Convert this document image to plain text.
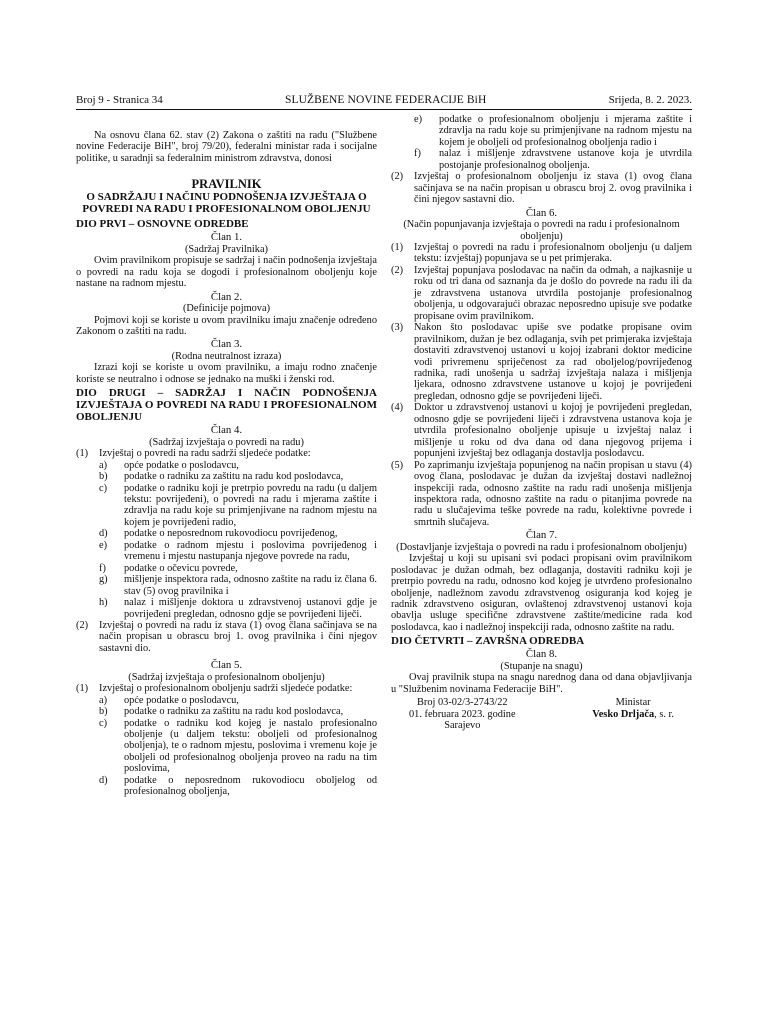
Broj 9 - Stranica 34	SLUŽBENE NOVINE FEDERACIJE BiH	Srijeda, 8. 2. 2023.

Na osnovu člana 62. stav (2) Zakona o zaštiti na radu ("Službene novine Federacije BiH", broj 79/20), federalni ministar rada i socijalne politike, u saradnji sa federalnim ministrom zdravstva, donosi

PRAVILNIK
O SADRŽAJU I NAČINU PODNOŠENJA IZVJEŠTAJA O POVREDI NA RADU I PROFESIONALNOM OBOLJENJU
DIO PRVI – OSNOVNE ODREDBE
Član 1.
(Sadržaj Pravilnika)

Ovim pravilnikom propisuje se sadržaj i način podnošenja izvještaja o povredi na radu koja se dogodi i profesionalnom oboljenju koje nastane na radnom mjestu.

Član 2.
(Definicije pojmova)

Pojmovi koji se koriste u ovom pravilniku imaju značenje određeno Zakonom o zaštiti na radu.

Član 3.
(Rodna neutralnost izraza)

Izrazi koji se koriste u ovom pravilniku, a imaju rodno značenje koriste se neutralno i odnose se jednako na muški i ženski rod.

DIO DRUGI – SADRŽAJ I NAČIN PODNOŠENJA IZVJEŠTAJA O POVREDI NA RADU I PROFESIONALNOM OBOLJENJU
Član 4.
(Sadržaj izvještaja o povredi na radu)
(1)	Izvještaj o povredi na radu sadrži sljedeće podatke:
a)	opće podatke o poslodavcu,
b)	podatke o radniku za zaštitu na radu kod poslodavca,
c)	podatke o radniku koji je pretrpio povredu na radu (u daljem tekstu: povrijeđeni), o povredi na radu i mjerama zaštite i zdravlja na radu koje su primjenjivane na radnom mjestu na kojem je povrijeđeni radio,
d)	podatke o neposrednom rukovodiocu povrijeđenog,
e)	podatke o radnom mjestu i poslovima povrijeđenog i vremenu i mjestu nastupanja njegove povrede na radu,
f)	podatke o očevicu povrede,
g)	mišljenje inspektora rada, odnosno zaštite na radu iz člana 6. stav (5) ovog pravilnika i
h)	nalaz i mišljenje doktora u zdravstvenoj ustanovi gdje je povrijeđeni pregledan, odnosno gdje se povrijeđeni liječi.
(2)	Izvještaj o povredi na radu iz stava (1) ovog člana sačinjava se na način propisan u obrascu broj 1. ovog pravilnika i čini njegov sastavni dio.
Član 5.
(Sadržaj izvještaja o profesionalnom oboljenju)
(1)	Izvještaj o profesionalnom oboljenju sadrži sljedeće podatke:
a)	opće podatke o poslodavcu,
b)	podatke o radniku za zaštitu na radu kod poslodavca,
c)	podatke o radniku kod kojeg je nastalo profesionalno oboljenje (u daljem tekstu: oboljeli od profesionalnog oboljenja), te o radnom mjestu, poslovima i vremenu koje je oboljeli od profesionalnog oboljenja proveo na radu na tim poslovima,
d)	podatke o neposrednom rukovodiocu oboljelog od profesionalnog oboljenja,
e)	podatke o profesionalnom oboljenju i mjerama zaštite i zdravlja na radu koje su primjenjivane na radnom mjestu na kojem je oboljeli od profesionalnog oboljenja radio i
f)	nalaz i mišljenje zdravstvene ustanove koja je utvrdila postojanje profesionalnog oboljenja.
(2)	Izvještaj o profesionalnom oboljenju iz stava (1) ovog člana sačinjava se na način propisan u obrascu broj 2. ovog pravilnika i čini njegov sastavni dio.
Član 6.
(Način popunjavanja izvještaja o povredi na radu i profesionalnom oboljenju)
(1)	Izvještaj o povredi na radu i profesionalnom oboljenju (u daljem tekstu: izvještaj) popunjava se u pet primjeraka.
(2)	Izvještaj popunjava poslodavac na način da odmah, a najkasnije u roku od tri dana od saznanja da je došlo do povrede na radu ili da je zdravstvena ustanova utvrdila postojanje profesionalnog oboljenja, u odgovarajući obrazac neposredno upisuje sve podatke propisane ovim pravilnikom.
(3)	Nakon što poslodavac upiše sve podatke propisane ovim pravilnikom, dužan je bez odlaganja, svih pet primjeraka izvještaja dostaviti zdravstvenoj ustanovi u kojoj izabrani doktor medicine vodi privremenu spriječenost za rad oboljelog/povrijeđenog radnika, radi unošenja u sadržaj izvještaja nalaza i mišljenja ljekara, odnosno zdravstvene ustanove u kojoj je povrijeđeni pregledan, odnosno gdje se povrijeđeni liječi.
(4)	Doktor u zdravstvenoj ustanovi u kojoj je povrijeđeni pregledan, odnosno gdje se povrijeđeni liječi i zdravstvena ustanova koja je utvrdila profesionalno oboljenje upisuje u izvještaj nalaz i mišljenje u roku od dva dana od dana njegovog prijema i popunjeni izvještaj bez odlaganja dostavlja poslodavcu.
(5)	Po zaprimanju izvještaja popunjenog na način propisan u stavu (4) ovog člana, poslodavac je dužan da izvještaj dostavi nadležnoj inspekciji rada, odnosno zaštite na radu radi unošenja mišljenja inspektora rada, odnosno zaštite na radu o pitanjima povrede na radu u slučajevima teške povrede na radu, kolektivne povrede i smrtnih slučajeva.
Član 7.
(Dostavljanje izvještaja o povredi na radu i profesionalnom oboljenju)

Izvještaj u koji su upisani svi podaci propisani ovim pravilnikom poslodavac je dužan odmah, bez odlaganja, dostaviti radniku koji je pretrpio povredu na radu, odnosno kod kojeg je utvrđeno profesionalno oboljenje, nadležnom zavodu zdravstvenog osiguranja kod kojeg je radnik zdravstveno osiguran, ovlaštenoj zdravstvenoj ustanovi koja obavlja usluge specifične zdravstvene zaštite/medicine rada kod poslodavca, kao i nadležnoj inspekciji rada, odnosno zaštite na radu.

DIO ČETVRTI – ZAVRŠNA ODREDBA
Član 8.
(Stupanje na snagu)

Ovaj pravilnik stupa na snagu narednog dana od dana objavljivanja u "Službenim novinama Federacije BiH".

Broj 03-02/3-2743/22
01. februara 2023. godine
Sarajevo
Ministar
Vesko Drljača, s. r.
